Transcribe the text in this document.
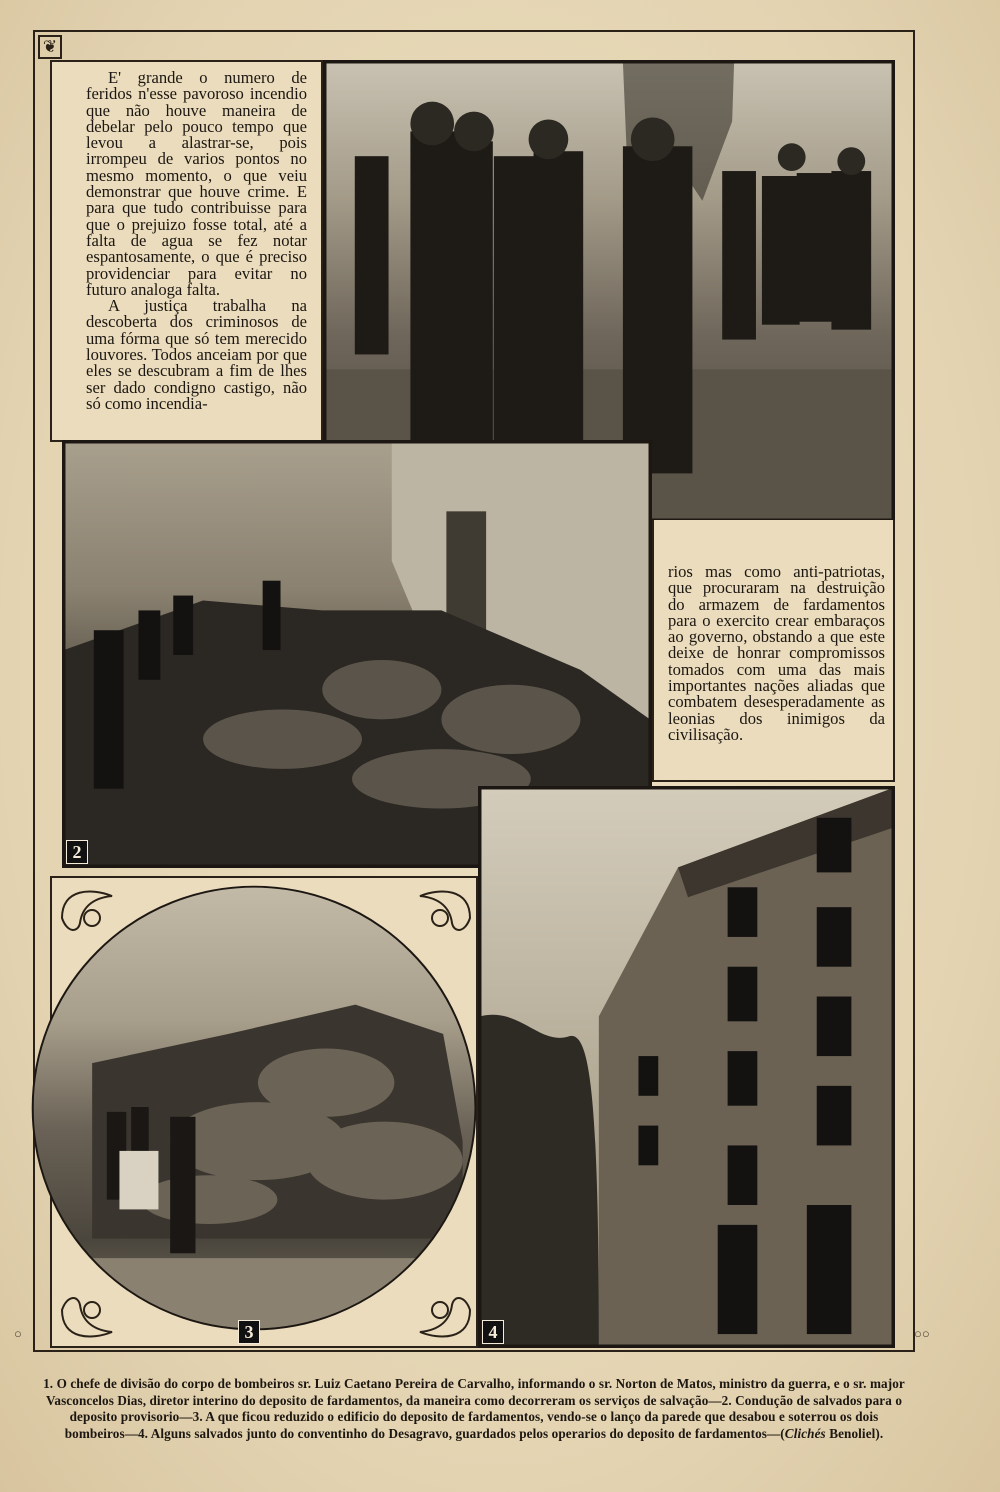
❦

E' grande o numero de feridos n'esse pavoroso incendio que não houve maneira de debelar pelo pouco tempo que levou a alastrar-se, pois irrompeu de varios pontos no mesmo momento, o que veiu demonstrar que houve crime. E para que tudo contribuisse para que o prejuizo fosse total, até a falta de agua se fez notar espantosamente, o que é preciso providenciar para evitar no futuro analoga falta.

A justiça trabalha na descoberta dos criminosos de uma fórma que só tem merecido louvores. Todos anceiam por que eles se descubram a fim de lhes ser dado condigno castigo, não só como incendia-

2

rios mas como anti-patriotas, que procuraram na destruição do armazem de fardamentos para o exercito crear embaraços ao governo, obstando a que este deixe de honrar compromissos tomados com uma das mais importantes nações aliadas que combatem desesperadamente as leonias dos inimigos da civilisação.

3	4
○	○○
1. O chefe de divisão do corpo de bombeiros sr. Luiz Caetano Pereira de Carvalho, informando o sr. Norton de Matos, ministro da guerra, e o sr. major Vasconcelos Dias, diretor interino do deposito de fardamentos, da maneira como decorreram os serviços de salvação—2. Condução de salvados para o deposito provisorio—3. A que ficou reduzido o edificio do deposito de fardamentos, vendo-se o lanço da parede que desabou e soterrou os dois bombeiros—4. Alguns salvados junto do conventinho do Desagravo, guardados pelos operarios do deposito de fardamentos—(Clichés Benoliel).
